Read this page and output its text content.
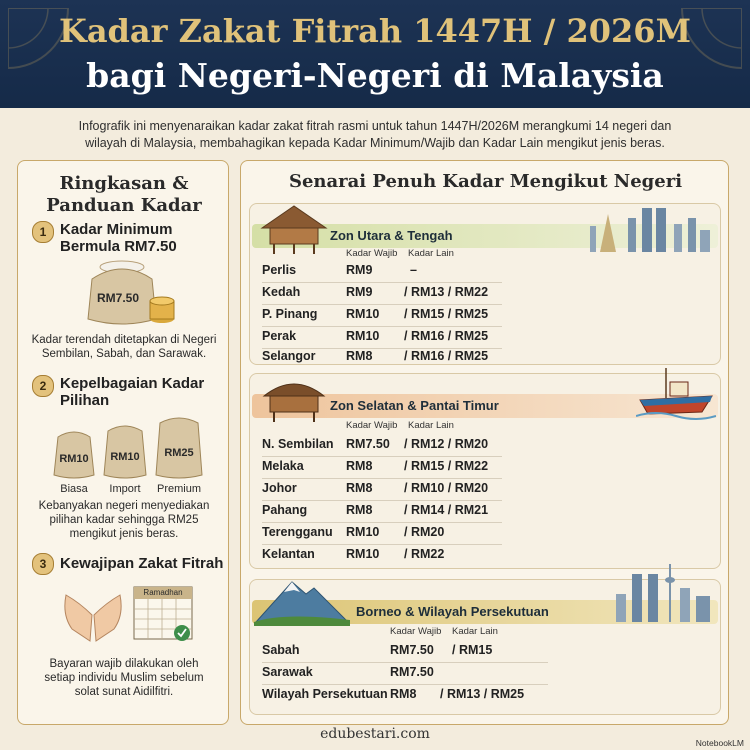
Kadar Zakat Fitrah 1447H / 2026M
bagi Negeri-Negeri di Malaysia
Infografik ini menyenaraikan kadar zakat fitrah rasmi untuk tahun 1447H/2026M merangkumi 14 negeri dan wilayah di Malaysia, membahagikan kepada Kadar Minimum/Wajib dan Kadar Lain mengikut jenis beras.
Ringkasan &
Panduan Kadar
1 Kadar Minimum
Bermula RM7.50
RM7.50
Kadar terendah ditetapkan di Negeri
Sembilan, Sabah, dan Sarawak.
2 Kepelbagaian Kadar
Pilihan
RM10	RM10	RM25
Biasa	Import	Premium
Kebanyakan negeri menyediakan
pilihan kadar sehingga RM25
mengikut jenis beras.
3 Kewajipan Zakat Fitrah
Ramadhan
Bayaran wajib dilakukan oleh
setiap individu Muslim sebelum
solat sunat Aidilfitri.
Senarai Penuh Kadar Mengikut Negeri
Zon Utara & Tengah
Kadar Wajib Kadar Lain
Perlis	RM9	–
Kedah	RM9	/ RM13 / RM22
P. Pinang RM10 / RM15 / RM25
Perak	RM10 / RM16 / RM25
Selangor RM8	/ RM16 / RM25
Zon Selatan & Pantai Timur
Kadar Wajib Kadar Lain
N. Sembilan RM7.50 / RM12 / RM20
Melaka	RM8	/ RM15 / RM22
Johor	RM8	/ RM10 / RM20
Pahang	RM8	/ RM14 / RM21
Terengganu RM10 / RM20
Kelantan RM10 / RM22
Borneo & Wilayah Persekutuan
Kadar Wajib Kadar Lain
Sabah	RM7.50 / RM15
Sarawak	RM7.50
Wilayah Persekutuan RM8 / RM13 / RM25
edubestari.com
NotebookLM
